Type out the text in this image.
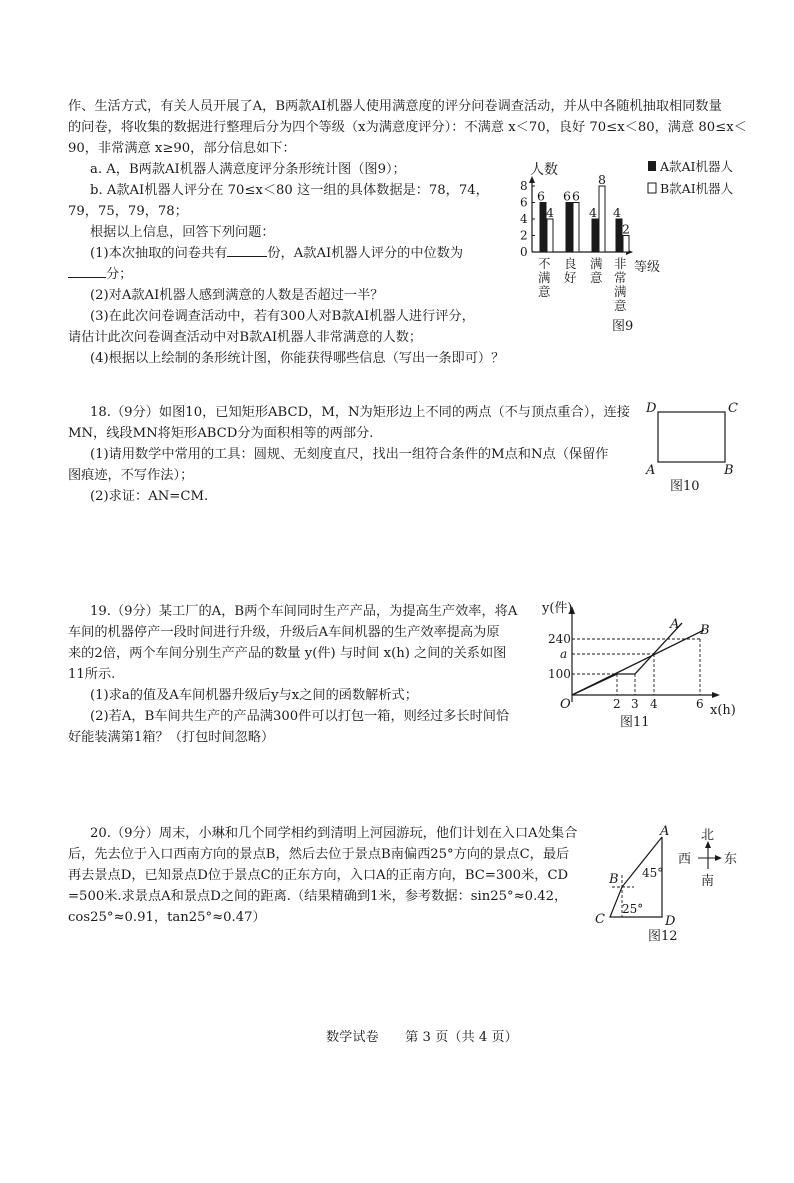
作、生活方式，有关人员开展了A，B两款AI机器人使用满意度的评分问卷调查活动，并从中各随机抽取相同数量
的问卷，将收集的数据进行整理后分为四个等级（x为满意度评分）：不满意 x＜70，良好 70≤x＜80，满意 80≤x＜
90，非常满意 x≥90，部分信息如下：
a. A，B两款AI机器人满意度评分条形统计图（图9）；
b. A款AI机器人评分在 70≤x＜80 这一组的具体数据是：78，74，
79，75，79，78；
根据以上信息，回答下列问题：
(1)本次抽取的问卷共有	份，A款AI机器人评分的中位数为
分；
(2)对A款AI机器人感到满意的人数是否超过一半？
(3)在此次问卷调查活动中，若有300人对B款AI机器人进行评分，
请估计此次问卷调查活动中对B款AI机器人非常满意的人数；
(4)根据以上绘制的条形统计图，你能获得哪些信息（写出一条即可）？
8
6
4
2
0
6
4
不
满
意
6 6
良
好
4
8
满
意
4
2
非
常
满
意
人数
等级
A款AI机器人
B款AI机器人
图9
18.（9分）如图10，已知矩形ABCD，M，N为矩形边上不同的两点（不与顶点重合），连接
MN，线段MN将矩形ABCD分为面积相等的两部分.
(1)请用数学中常用的工具：圆规、无刻度直尺，找出一组符合条件的M点和N点（保留作
图痕迹，不写作法）；
(2)求证：AN=CM.
D	C
A	B
图10
19.（9分）某工厂的A，B两个车间同时生产产品，为提高生产效率，将A
车间的机器停产一段时间进行升级，升级后A车间机器的生产效率提高为原
来的2倍，两个车间分别生产产品的数量 y(件) 与时间 x(h) 之间的关系如图
11所示.
(1)求a的值及A车间机器升级后y与x之间的函数解析式；
(2)若A，B车间共生产的产品满300件可以打包一箱，则经过多长时间恰
好能装满第1箱？（打包时间忽略）
y(件)
x(h)
O
A B
240
a
100
2 3 4	6
图11
20.（9分）周末，小琳和几个同学相约到清明上河园游玩，他们计划在入口A处集合
后，先去位于入口西南方向的景点B，然后去位于景点B南偏西25°方向的景点C，最后
再去景点D，已知景点D位于景点C的正东方向，入口A的正南方向，BC=300米，CD
=500米.求景点A和景点D之间的距离.（结果精确到1米，参考数据：sin25°≈0.42，
cos25°≈0.91，tan25°≈0.47）
A
B
C	D
45°
25°
图12
北
南
西	东
数学试卷　　第 3 页（共 4 页）
